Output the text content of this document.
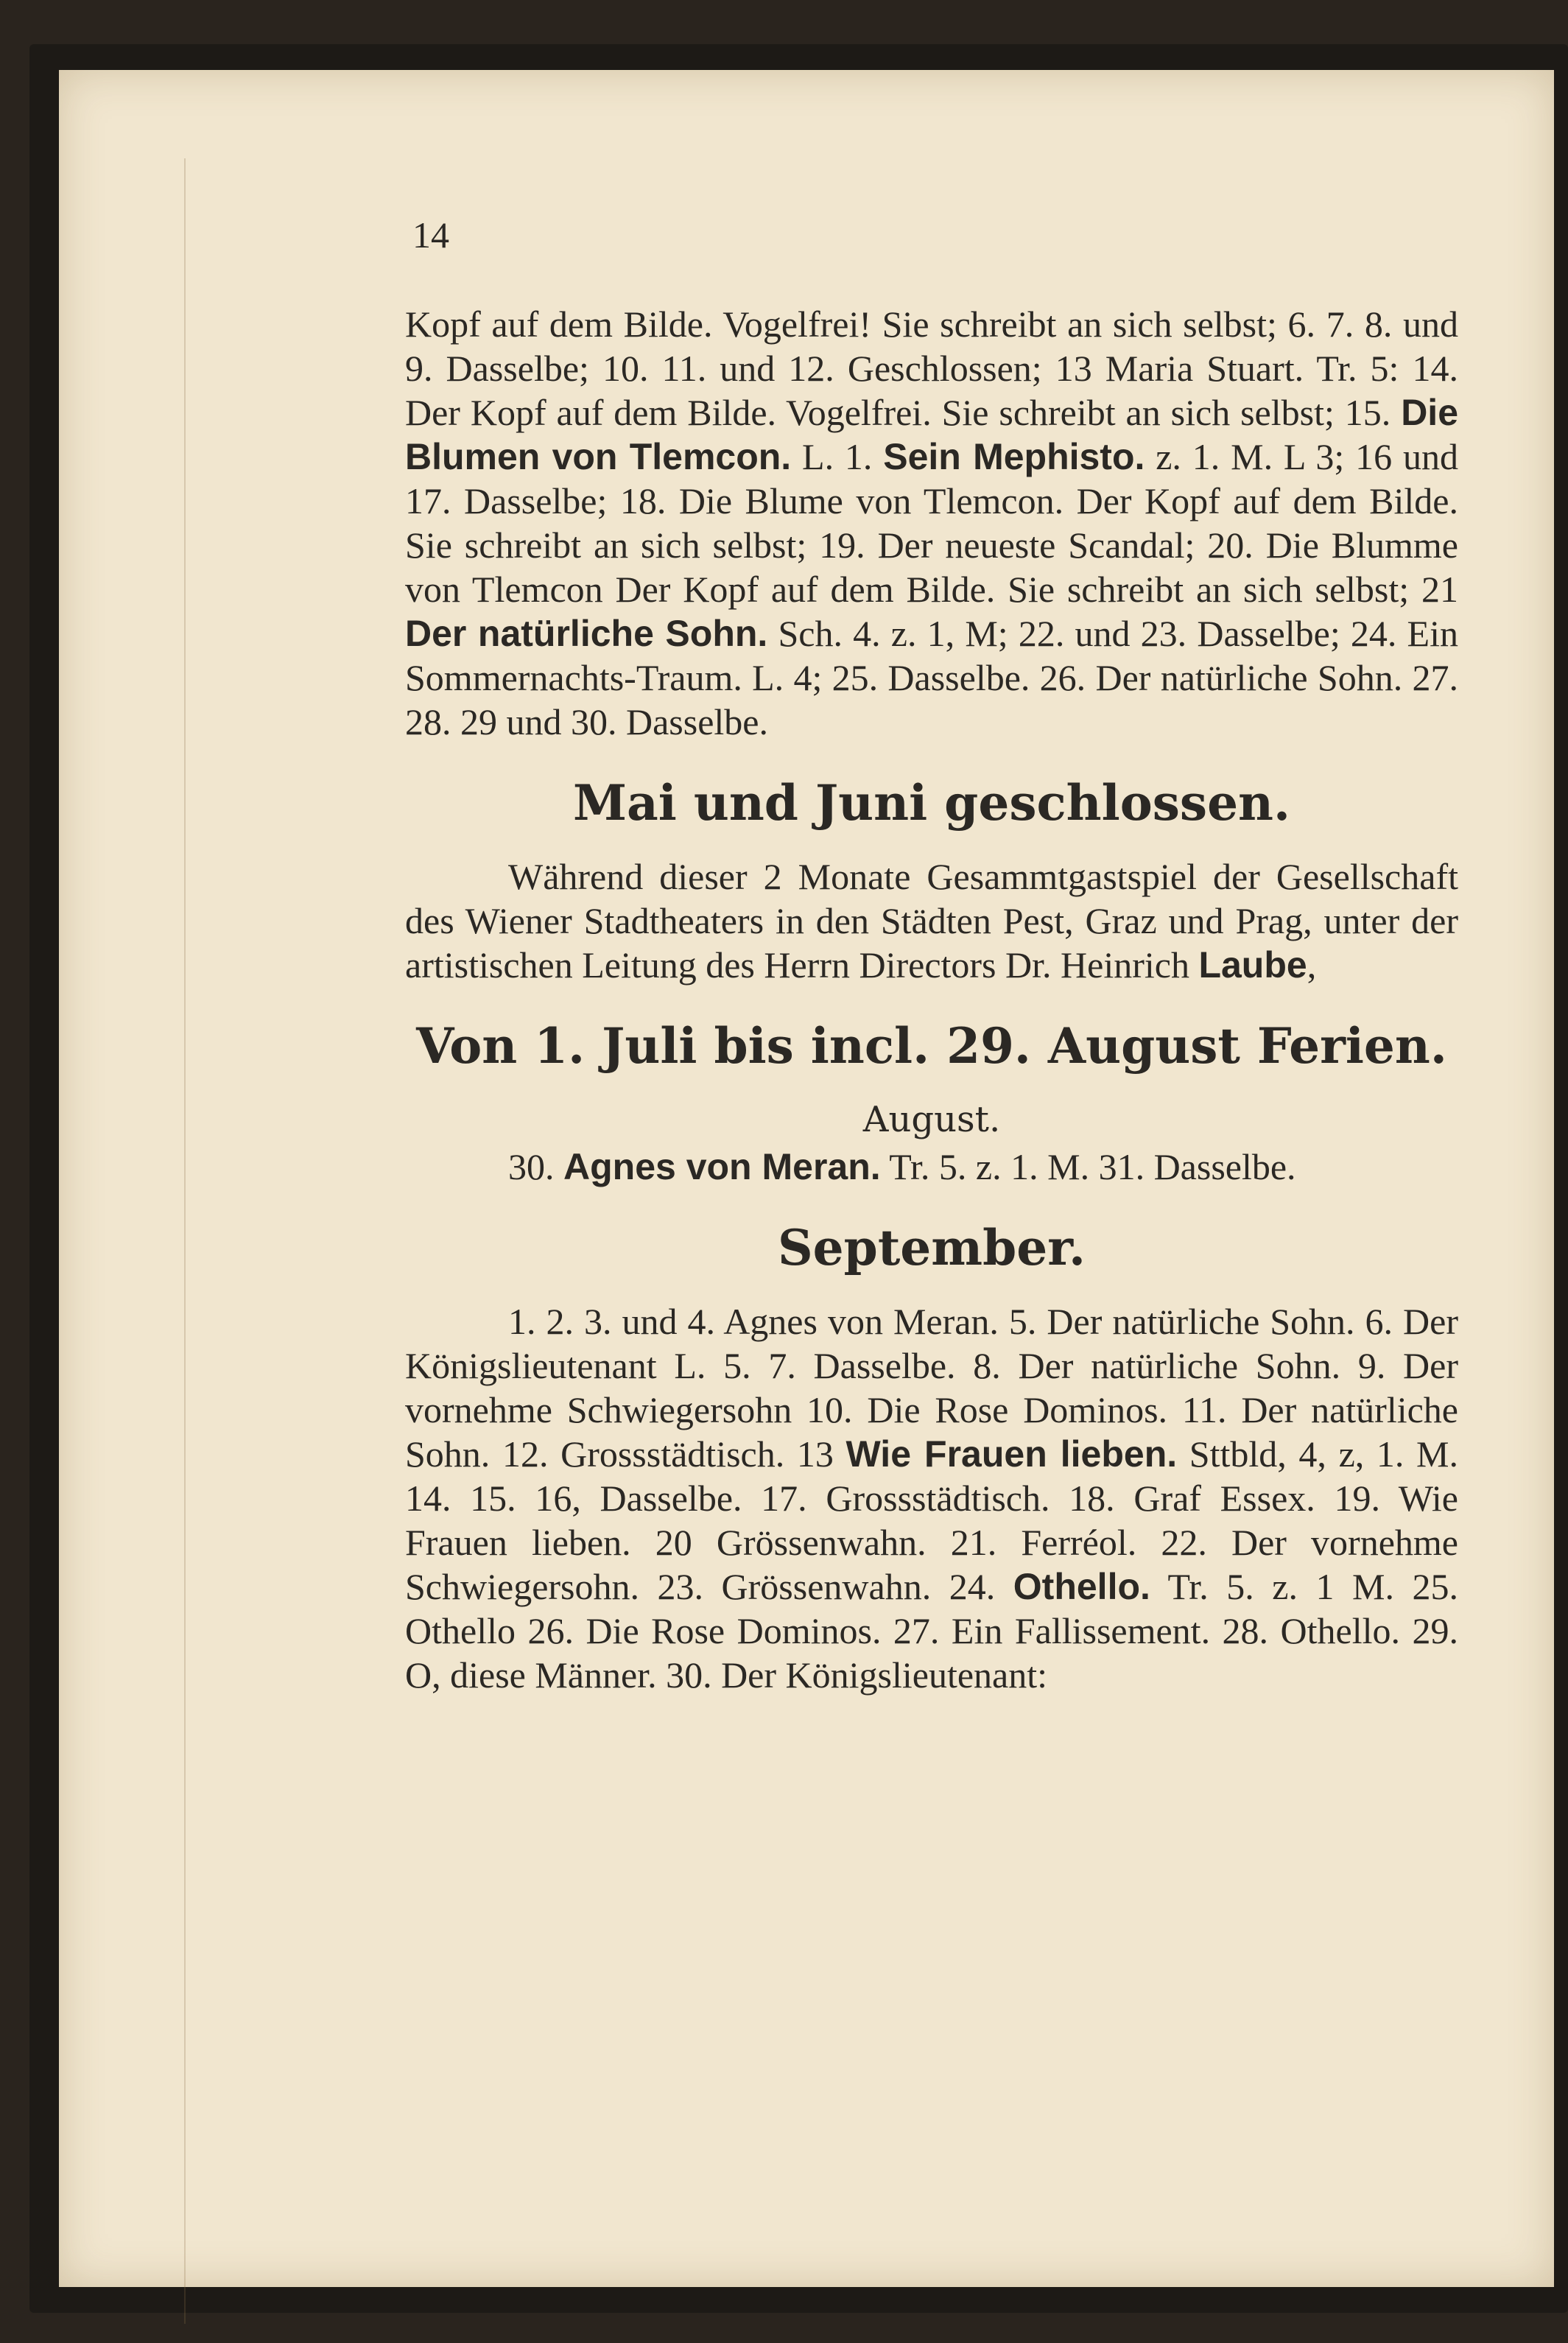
14

Kopf auf dem Bilde. Vogelfrei! Sie schreibt an sich selbst; 6. 7. 8. und 9. Dasselbe; 10. 11. und 12. Geschlossen; 13 Maria Stuart. Tr. 5: 14. Der Kopf auf dem Bilde. Vogelfrei. Sie schreibt an sich selbst; 15. Die Blumen von Tlemcon. L. 1. Sein Mephisto. z. 1. M. L 3; 16 und 17. Dasselbe; 18. Die Blume von Tlemcon. Der Kopf auf dem Bilde. Sie schreibt an sich selbst; 19. Der neueste Scandal; 20. Die Blumme von Tlemcon Der Kopf auf dem Bilde. Sie schreibt an sich selbst; 21 Der natürliche Sohn. Sch. 4. z. 1, M; 22. und 23. Dasselbe; 24. Ein Sommernachts-Traum. L. 4; 25. Dasselbe. 26. Der natürliche Sohn. 27. 28. 29 und 30. Dasselbe.

Mai und Juni geschlossen.

Während dieser 2 Monate Gesammtgastspiel der Gesellschaft des Wiener Stadtheaters in den Städten Pest, Graz und Prag, unter der artistischen Leitung des Herrn Directors Dr. Heinrich Laube,

Von 1. Juli bis incl. 29. August Ferien.
August.

30. Agnes von Meran. Tr. 5. z. 1. M. 31. Dasselbe.

September.

1. 2. 3. und 4. Agnes von Meran. 5. Der natürliche Sohn. 6. Der Königslieutenant L. 5. 7. Dasselbe. 8. Der natürliche Sohn. 9. Der vornehme Schwiegersohn 10. Die Rose Dominos. 11. Der natürliche Sohn. 12. Grossstädtisch. 13 Wie Frauen lieben. Sttbld, 4, z, 1. M. 14. 15. 16, Dasselbe. 17. Grossstädtisch. 18. Graf Essex. 19. Wie Frauen lieben. 20 Grössenwahn. 21. Ferréol. 22. Der vornehme Schwiegersohn. 23. Grössenwahn. 24. Othello. Tr. 5. z. 1 M. 25. Othello 26. Die Rose Dominos. 27. Ein Fallissement. 28. Othello. 29. O, diese Männer. 30. Der Königslieutenant:
